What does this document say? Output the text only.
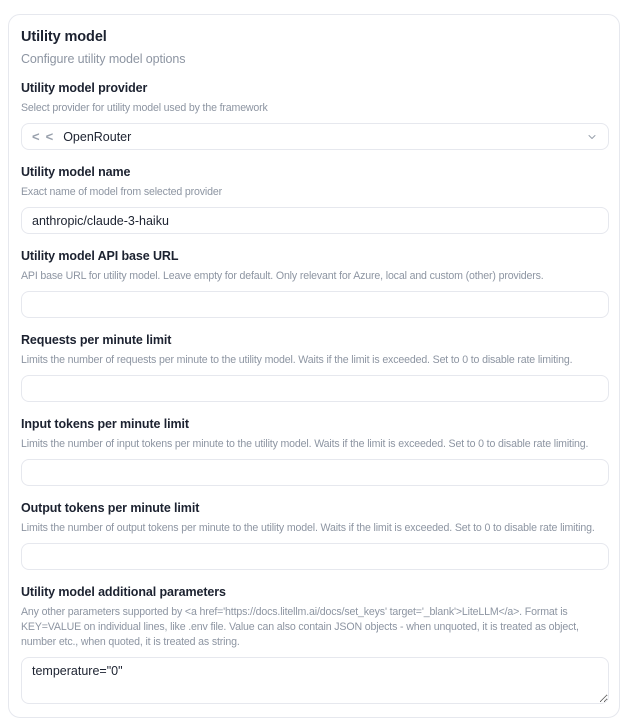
Utility model
Configure utility model options
Utility model provider
Select provider for utility model used by the framework
< < OpenRouter
Utility model name
Exact name of model from selected provider
anthropic/claude-3-haiku
Utility model API base URL
API base URL for utility model. Leave empty for default. Only relevant for Azure, local and custom (other) providers.
Requests per minute limit
Limits the number of requests per minute to the utility model. Waits if the limit is exceeded. Set to 0 to disable rate limiting.
Input tokens per minute limit
Limits the number of input tokens per minute to the utility model. Waits if the limit is exceeded. Set to 0 to disable rate limiting.
Output tokens per minute limit
Limits the number of output tokens per minute to the utility model. Waits if the limit is exceeded. Set to 0 to disable rate limiting.
Utility model additional parameters
Any other parameters supported by <a href='https://docs.litellm.ai/docs/set_keys' target='_blank'>LiteLLM</a>. Format is KEY=VALUE on individual lines, like .env file. Value can also contain JSON objects - when unquoted, it is treated as object, number etc., when quoted, it is treated as string.
temperature="0"
